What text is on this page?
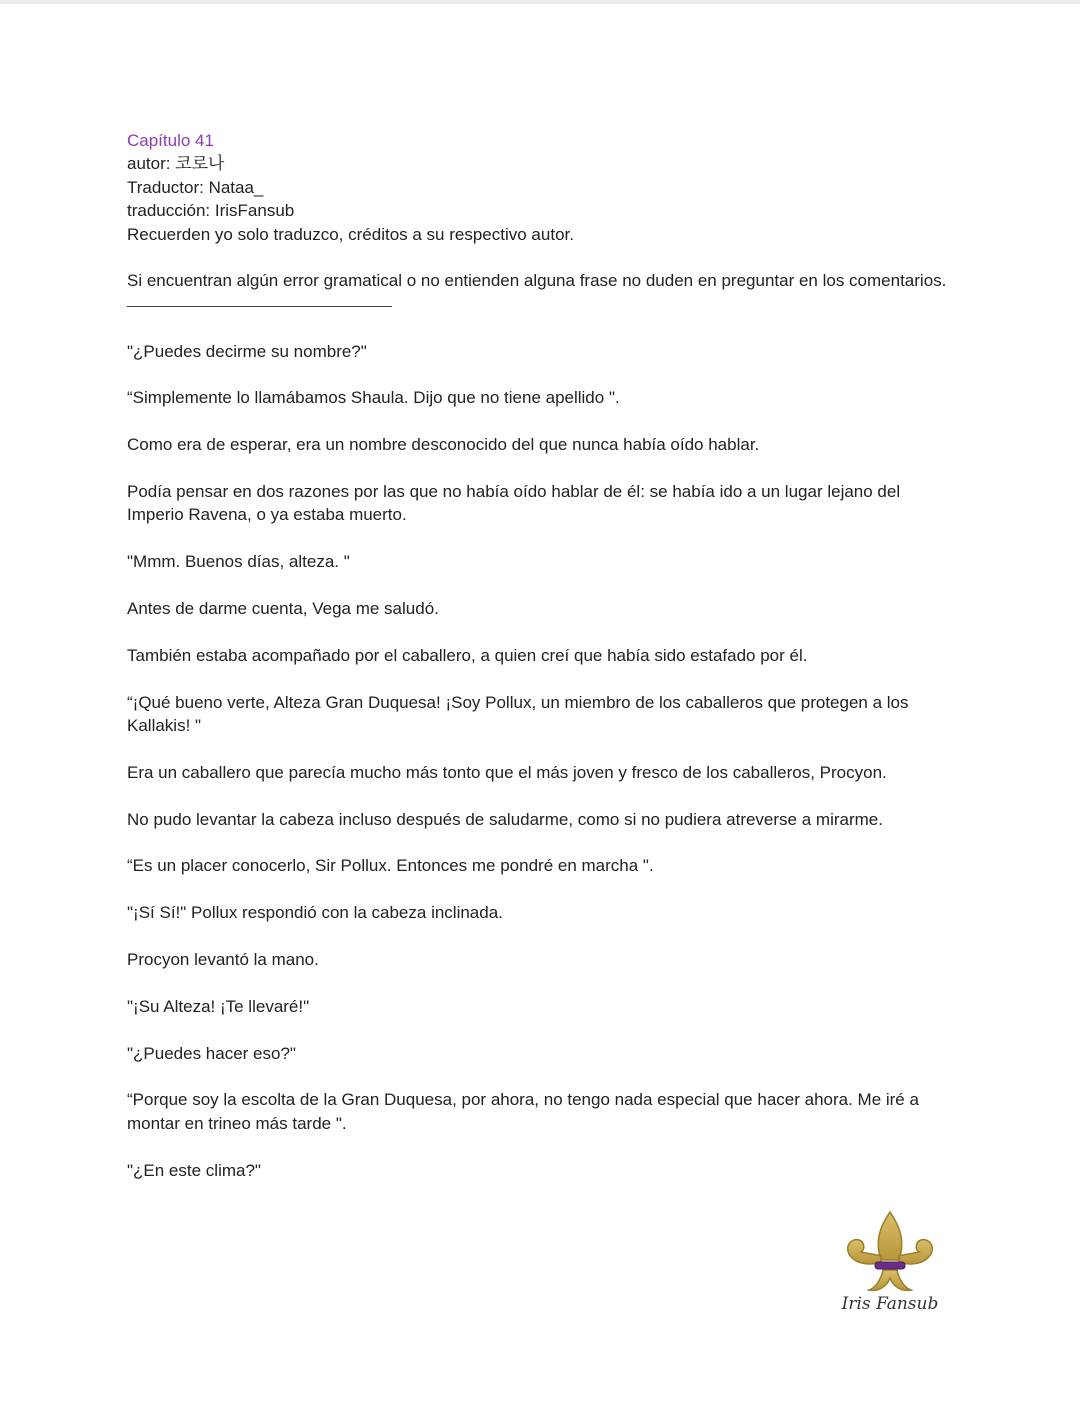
Capítulo 41

autor: 코로나

Traductor: Nataa_

traducción: IrisFansub

Recuerden yo solo traduzco, créditos a su respectivo autor.

Si encuentran algún error gramatical o no entienden alguna frase no duden en preguntar en los comentarios.

"¿Puedes decirme su nombre?"

“Simplemente lo llamábamos Shaula. Dijo que no tiene apellido ".

Como era de esperar, era un nombre desconocido del que nunca había oído hablar.

Podía pensar en dos razones por las que no había oído hablar de él: se había ido a un lugar lejano del Imperio Ravena, o ya estaba muerto.

"Mmm. Buenos días, alteza. "

Antes de darme cuenta, Vega me saludó.

También estaba acompañado por el caballero, a quien creí que había sido estafado por él.

“¡Qué bueno verte, Alteza Gran Duquesa! ¡Soy Pollux, un miembro de los caballeros que protegen a los Kallakis! "

Era un caballero que parecía mucho más tonto que el más joven y fresco de los caballeros, Procyon.

No pudo levantar la cabeza incluso después de saludarme, como si no pudiera atreverse a mirarme.

“Es un placer conocerlo, Sir Pollux. Entonces me pondré en marcha ".

"¡Sí Sí!" Pollux respondió con la cabeza inclinada.

Procyon levantó la mano.

"¡Su Alteza! ¡Te llevaré!"

"¿Puedes hacer eso?"

“Porque soy la escolta de la Gran Duquesa, por ahora, no tengo nada especial que hacer ahora. Me iré a montar en trineo más tarde ".

"¿En este clima?"

Iris Fansub
